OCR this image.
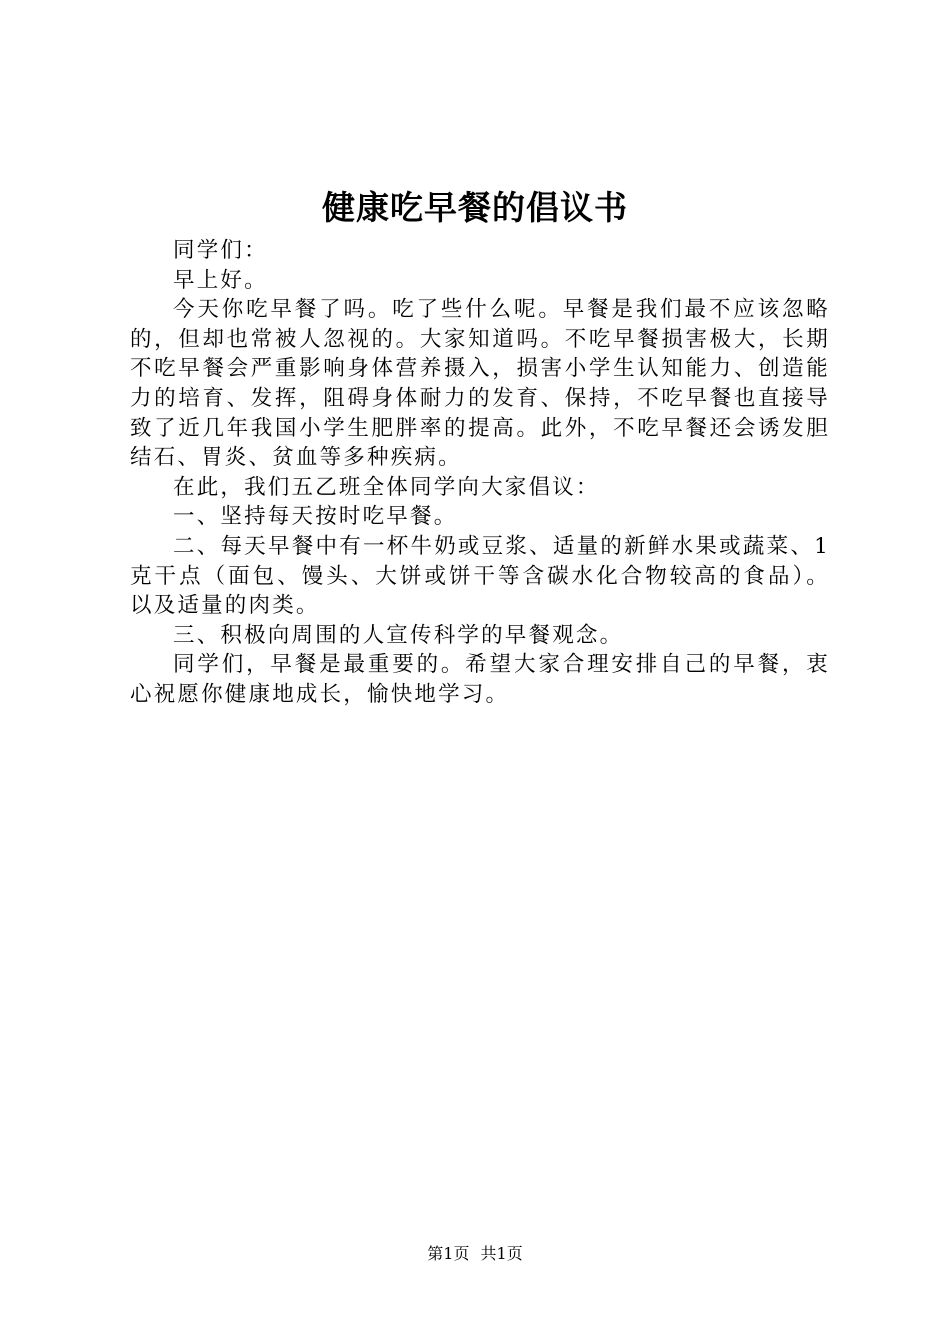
健康吃早餐的倡议书

同学们：

早上好。

今天你吃早餐了吗。吃了些什么呢。早餐是我们最不应该忽略的，但却也常被人忽视的。大家知道吗。不吃早餐损害极大，长期不吃早餐会严重影响身体营养摄入，损害小学生认知能力、创造能力的培育、发挥，阻碍身体耐力的发育、保持，不吃早餐也直接导致了近几年我国小学生肥胖率的提高。此外，不吃早餐还会诱发胆结石、胃炎、贫血等多种疾病。

在此，我们五乙班全体同学向大家倡议：

一、坚持每天按时吃早餐。

二、每天早餐中有一杯牛奶或豆浆、适量的新鲜水果或蔬菜、1克干点（面包、馒头、大饼或饼干等含碳水化合物较高的食品）。以及适量的肉类。

三、积极向周围的人宣传科学的早餐观念。

同学们，早餐是最重要的。希望大家合理安排自己的早餐，衷心祝愿你健康地成长，愉快地学习。

第1页 共1页
